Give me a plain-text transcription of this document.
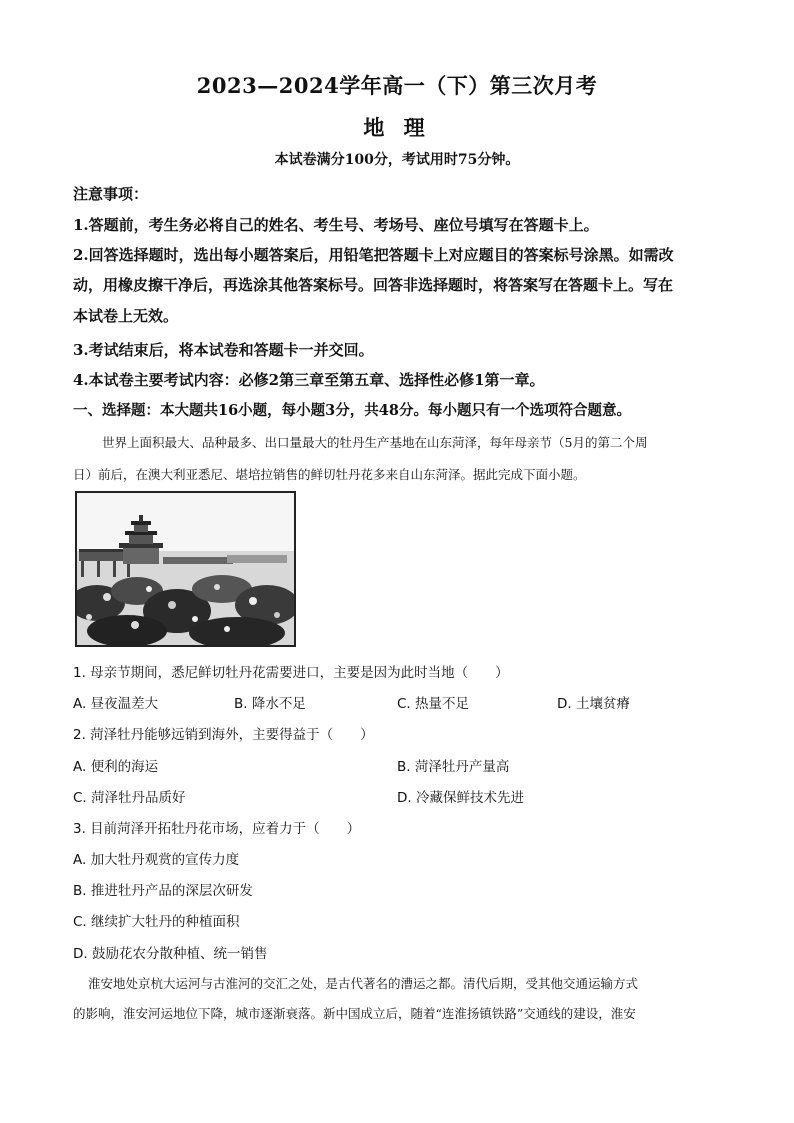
2023—2024学年高一（下）第三次月考
地 理
本试卷满分100分，考试用时75分钟。
注意事项：
1.答题前，考生务必将自己的姓名、考生号、考场号、座位号填写在答题卡上。
2.回答选择题时，选出每小题答案后，用铅笔把答题卡上对应题目的答案标号涂黑。如需改
动，用橡皮擦干净后，再选涂其他答案标号。回答非选择题时，将答案写在答题卡上。写在
本试卷上无效。
3.考试结束后，将本试卷和答题卡一并交回。
4.本试卷主要考试内容：必修2第三章至第五章、选择性必修1第一章。
一、选择题：本大题共16小题，每小题3分，共48分。每小题只有一个选项符合题意。
世界上面积最大、品种最多、出口量最大的牡丹生产基地在山东菏泽，每年母亲节（5月的第二个周
日）前后，在澳大利亚悉尼、堪培拉销售的鲜切牡丹花多来自山东菏泽。据此完成下面小题。
1. 母亲节期间，悉尼鲜切牡丹花需要进口，主要是因为此时当地（　　）
A. 昼夜温差大	B. 降水不足	C. 热量不足	D. 土壤贫瘠
2. 菏泽牡丹能够远销到海外，主要得益于（　　）
A. 便利的海运	B. 菏泽牡丹产量高
C. 菏泽牡丹品质好	D. 冷藏保鲜技术先进
3. 目前菏泽开拓牡丹花市场，应着力于（　　）
A. 加大牡丹观赏的宣传力度
B. 推进牡丹产品的深层次研发
C. 继续扩大牡丹的种植面积
D. 鼓励花农分散种植、统一销售
淮安地处京杭大运河与古淮河的交汇之处，是古代著名的漕运之都。清代后期，受其他交通运输方式
的影响，淮安河运地位下降，城市逐渐衰落。新中国成立后，随着“连淮扬镇铁路”交通线的建设，淮安
